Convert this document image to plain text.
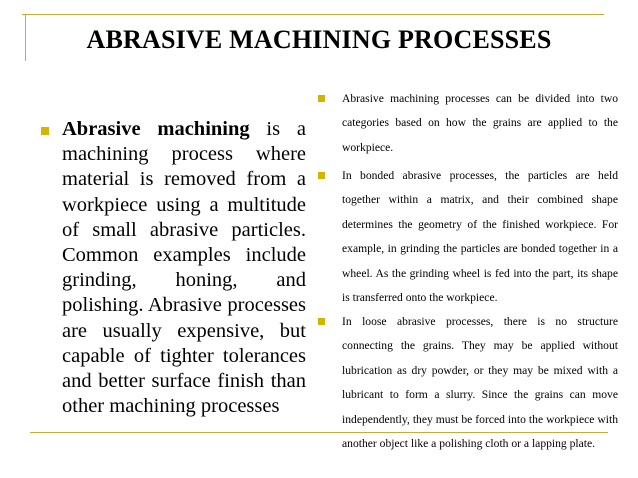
ABRASIVE MACHINING PROCESSES

Abrasive machining is a machining process where material is removed from a workpiece using a multitude of small abrasive particles. Common examples include grinding, honing, and polishing. Abrasive processes are usually expensive, but capable of tighter tolerances and better surface finish than other machining processes

Abrasive machining processes can be divided into two categories based on how the grains are applied to the workpiece.

In bonded abrasive processes, the particles are held together within a matrix, and their combined shape determines the geometry of the finished workpiece. For example, in grinding the particles are bonded together in a wheel. As the grinding wheel is fed into the part, its shape is transferred onto the workpiece.

In loose abrasive processes, there is no structure connecting the grains. They may be applied without lubrication as dry powder, or they may be mixed with a lubricant to form a slurry. Since the grains can move independently, they must be forced into the workpiece with another object like a polishing cloth or a lapping plate.
